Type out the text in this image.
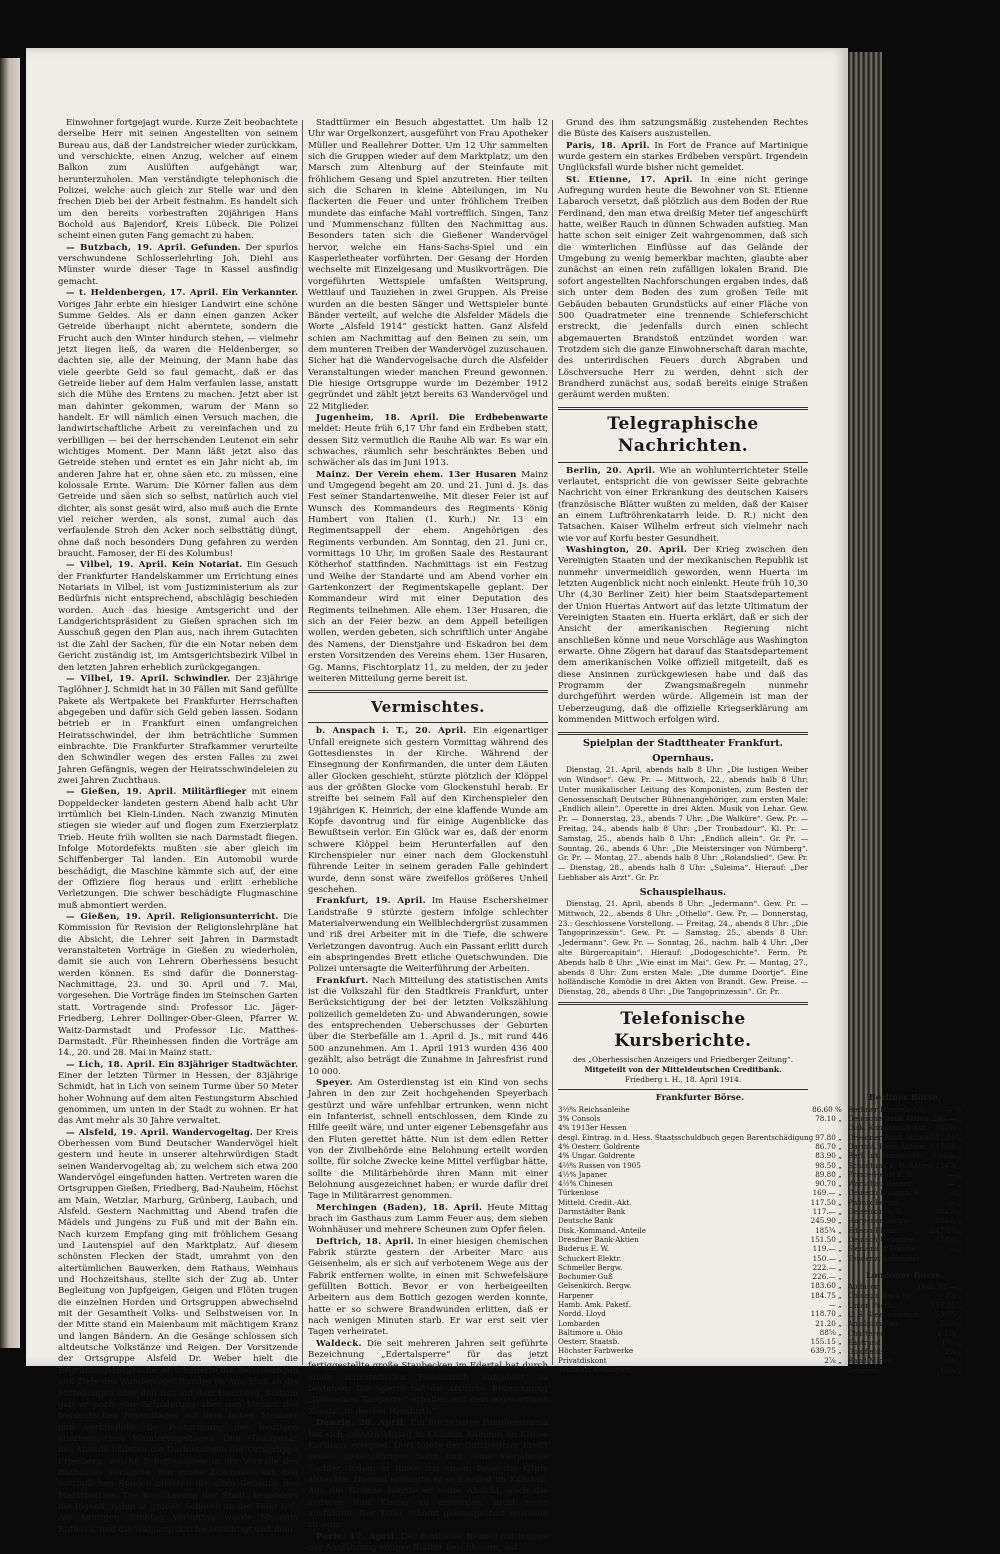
Einwohner fortgejagt wurde. Kurze Zeit beobachtete derselbe Herr mit seinen Angestellten von seinem Bureau aus, daß der Landstreicher wieder zurückkam, und verschickte, einen Anzug, welcher auf einem Balkon zum Auslüften aufgehängt war, herunterzuholen. Man verständigte telephonisch die Polizei, welche auch gleich zur Stelle war und den frechen Dieb bei der Arbeit festnahm. Es handelt sich um den bereits vorbestraften 20jährigen Hans Bochold aus Bajendorf, Kreis Lübeck. Die Polizei scheint einen guten Fang gemacht zu haben.

— Butzbach, 19. April. Gefunden. Der spurlos verschwundene Schlosserlehrling Joh. Diehl aus Münster wurde dieser Tage in Kassel ausfindig gemacht.

— t. Heldenbergen, 17. April. Ein Verkannter. Voriges Jahr erbte ein hiesiger Landwirt eine schöne Summe Geldes. Als er dann einen ganzen Acker Getreide überhaupt nicht aberntete, sondern die Frucht auch den Winter hindurch stehen, — vielmehr jetzt liegen ließ, da waren die Heldenberger, so dachten sie, alle der Meinung, der Mann habe das viele geerbte Geld so faul gemacht, daß er das Getreide lieber auf dem Halm verfaulen lasse, anstatt sich die Mühe des Erntens zu machen. Jetzt aber ist man dahinter gekommen, warum der Mann so handelt. Er will nämlich einen Versuch machen, die landwirtschaftliche Arbeit zu vereinfachen und zu verbilligen — bei der herrschenden Leutenot ein sehr wichtiges Moment. Der Mann läßt jetzt also das Getreide stehen und erntet es ein Jahr nicht ab, im anderen Jahre hat er, ohne säen etc. zu müssen, eine kolossale Ernte. Warum: Die Körner fallen aus dem Getreide und säen sich so selbst, natürlich auch viel dichter, als sonst gesät wird, also muß auch die Ernte viel reicher werden, als sonst, zumal auch das verfaulende Stroh den Acker noch selbsttätig düngt, ohne daß noch besonders Dung gefahren zu werden braucht. Famoser, der Ei des Kolumbus!

— Vilbel, 19. April. Kein Notariat. Ein Gesuch der Frankfurter Handelskammer um Errichtung eines Notariats in Vilbel, ist vom Justizministerium als zur Bedürfnis nicht entsprechend, abschlägig beschieden worden. Auch das hiesige Amtsgericht und der Landgerichtspräsident zu Gießen sprachen sich im Ausschuß gegen den Plan aus, nach ihrem Gutachten ist die Zahl der Sachen, für die ein Notar neben dem Gericht zuständig ist, im Amtsgerichtsbezirk Vilbel in den letzten Jahren erheblich zurückgegangen.

— Vilbel, 19. April. Schwindler. Der 23jährige Taglöhner J. Schmidt hat in 30 Fällen mit Sand gefüllte Pakete als Wertpakete bei Frankfurter Herrschaften abgegeben und dafür sich Geld geben lassen. Sodann betrieb er in Frankfurt einen umfangreichen Heiratsschwindel, der ihm beträchtliche Summen einbrachte. Die Frankfurter Strafkammer verurteilte den Schwindler wegen des ersten Falles zu zwei Jahren Gefängnis, wegen der Heiratsschwindeleien zu zwei Jahren Zuchthaus.

— Gießen, 19. April. Militärflieger mit einem Doppeldecker landeten gestern Abend halb acht Uhr irrtümlich bei Klein-Linden. Nach zwanzig Minuten stiegen sie wieder auf und flogen zum Exerzierplatz Trieb. Heute früh wollten sie nach Darmstadt fliegen. Infolge Motordefekts mußten sie aber gleich im Schiffenberger Tal landen. Ein Automobil wurde beschädigt, die Maschine kämmte sich auf, der eine der Offiziere flog heraus und erlitt erhebliche Verletzungen. Die schwer beschädigte Flugmaschine muß abmontiert werden.

— Gießen, 19. April. Religionsunterricht. Die Kommission für Revision der Religionslehrpläne hat die Absicht, die Lehrer seit Jahren in Darmstadt veranstalteten Vorträge in Gießen zu wiederholen, damit sie auch von Lehrern Oberhessens besucht werden können. Es sind dafür die Donnerstag-Nachmittage, 23. und 30. April und 7. Mai, vorgesehen. Die Vorträge finden im Steinschen Garten statt. Vortragende sind: Professor Lic. Jäger-Friedberg, Lehrer Dollinger-Ober-Gleen, Pfarrer W. Waitz-Darmstadt und Professor Lic. Matthes-Darmstadt. Für Rheinhessen finden die Vorträge am 14., 20. und 28. Mai in Mainz statt.

— Lich, 18. April. Ein 83jähriger Stadtwächter. Einer der letzten Türmer in Hessen, der 83jährige Schmidt, hat in Lich von seinem Turme über 50 Meter hoher Wohnung auf dem alten Festungsturm Abschied genommen, um unten in der Stadt zu wohnen. Er hat das Amt mehr als 30 Jahre verwaltet.

— Alsfeld, 19. April. Wandervogeltag. Der Kreis Oberhessen vom Bund Deutscher Wandervögel hielt gestern und heute in unserer altehrwürdigen Stadt seinen Wandervogeltag ab, zu welchem sich etwa 200 Wandervögel eingefunden hatten. Vertreten waren die Ortsgruppen Gießen, Friedberg, Bad-Nauheim, Höchst am Main, Wetzlar, Marburg, Grünberg, Laubach, und Alsfeld. Gestern Nachmittag und Abend trafen die Mädels und Jungens zu Fuß und mit der Bahn ein. Nach kurzem Empfang ging mit fröhlichem Gesang und Lautenspiel auf den Marktplatz. Auf diesem schönsten Flecken der Stadt, umrahmt von den altertümlichen Bauwerken, dem Rathaus, Weinhaus und Hochzeitshaus, stellte sich der Zug ab. Unter Begleitung von Jupfgeigen, Geigen und Flöten trugen die einzelnen Horden und Ortsgruppen abwechselnd mit der Gesamtheit Volks- und Selbstweisen vor. In der Mitte stand ein Maienbaum mit mächtigem Kranz und langen Bändern. An die Gesänge schlossen sich altdeutsche Volkstänze und Reigen. Der Vorsitzende der Ortsgruppe Alsfeld Dr. Weber hielt die Begrüßungsansprache; er schilderte die Bestrebungen und Ziele des Wandervogel-Bundes im Anschluß an die Mitteilungen über den Bau auf dem Herzberg. Sodann gab er noch eine Schilderung über den Verlauf des freideutschen Jugendtages auf dem hohen Meißner und verkündete die Festordnung des heutigen oberhessischen Wandervogeltages. Den Glanzpunkt des Abends bildeten die Darbietungen der Ortsgruppe Friedberg, welche Schattenspiele in der Vorhalle des Rathauses vorführte. Ein große Zuschauer sah den vorzüglichen Spielen bildeten die alten Gebäude des Marktplatzes. Die Bevölkerung der Stadt, besonders die Jugend, nahm in großen Scharen an der Feier teil. Am heutigen Sonntag Vormittag wurde Museum Rathaus, und die Walpurgiskirche besichtigt und dem

Stadttürmer ein Besuch abgestattet. Um halb 12 Uhr war Orgelkonzert, ausgeführt von Frau Apotheker Müller und Reallehrer Dotter. Um 12 Uhr sammelten sich die Gruppen wieder auf dem Marktplatz, um den Marsch zum Altenburg auf der Steinfaute mit fröhlichem Gesang und Spiel anzutreten. Hier teilten sich die Scharen in kleine Abteilungen, im Nu flackerten die Feuer und unter fröhlichem Treiben mundete das einfache Mahl vortrefflich. Singen, Tanz und Mummenschanz füllten den Nachmittag aus. Besonders taten sich die Gießener Wandervögel hervor, welche ein Hans-Sachs-Spiel und ein Kasperletheater vorführten. Der Gesang der Horden wechselte mit Einzelgesang und Musikvorträgen. Die vorgeführten Wettspiele umfaßten Weitsprung, Wettlauf und Tauziehen in zwei Gruppen. Als Preise wurden an die besten Sänger und Wettspieler bunte Bänder verteilt, auf welche die Alsfelder Mädels die Worte „Alsfeld 1914“ gestickt hatten. Ganz Alsfeld schien am Nachmittag auf den Beinen zu sein, um dem munteren Treiben der Wandervögel zuzuschauen. Sicher hat die Wandervogelsache durch die Alsfelder Veranstaltungen wieder manchen Freund gewonnen. Die hiesige Ortsgruppe wurde im Dezember 1912 gegründet und zählt jetzt bereits 63 Wandervögel und 22 Mitglieder.

Jugenheim, 18. April. Die Erdbebenwarte meldet: Heute früh 6,17 Uhr fand ein Erdbeben statt, dessen Sitz vermutlich die Rauhe Alb war. Es war ein schwaches, räumlich sehr beschränktes Beben und schwächer als das im Juni 1913.

Mainz. Der Verein ehem. 13er Husaren Mainz und Umgegend begeht am 20. und 21. Juni d. Js. das Fest seiner Standartenweihe. Mit dieser Feier ist auf Wunsch des Kommandeurs des Regiments König Humbert von Italien (1. Kurh.) Nr. 13 ein Regimentsappell der ehem. Angehörigen des Regiments verbunden. Am Sonntag, den 21. Juni cr., vormittags 10 Uhr, im großen Saale des Restaurant Kötherhof stattfinden. Nachmittags ist ein Festzug und Weihe der Standarte und am Abend vorher ein Gartenkonzert der Regimentskapelle geplant. Der Kommandeur wird mit einer Deputation des Regiments teilnehmen. Alle ehem. 13er Husaren, die sich an der Feier bezw. an dem Appell beteiligen wollen, werden gebeten, sich schriftlich unter Angabe des Namens, der Dienstjahre und Eskadron bei dem ersten Vorsitzenden des Vereins ehem. 13er Husaren, Gg. Manns, Fischtorplatz 11, zu melden, der zu jeder weiteren Mitteilung gerne bereit ist.

Vermischtes.

b. Anspach i. T., 20. April. Ein eigenartiger Unfall ereignete sich gestern Vormittag während des Gottesdienstes in der Kirche. Während der Einsegnung der Konfirmanden, die unter dem Läuten aller Glocken geschieht, stürzte plötzlich der Klöppel aus der größten Glocke vom Glockenstuhl herab. Er streifte bei seinem Fall auf den Kirchenspieler den 19jährigen K. Heinrich, der eine klaffende Wunde am Kopfe davontrug und für einige Augenblicke das Bewußtsein verlor. Ein Glück war es, daß der enorm schwere Klöppel beim Herunterfallen auf den Kirchenspieler nur einer nach dem Glockenstuhl führende Leiter in seinem geraden Falle gehindert wurde, denn sonst wäre zweifellos größeres Unheil geschehen.

Frankfurt, 19. April. Im Hause Eschersheimer Landstraße 9 stürzte gestern infolge schlechter Materialverwendung ein Wellblechdergrüst zusammen und riß drei Arbeiter mit in die Tiefe, die schwere Verletzungen davontrug. Auch ein Passant erlitt durch ein abspringendes Brett etliche Quetschwunden. Die Polizei untersagte die Weiterführung der Arbeiten.

Frankfurt. Nach Mitteilung des statistischen Amts ist die Volkszahl für den Stadtkreis Frankfurt, unter Berücksichtigung der bei der letzten Volkszählung polizeilich gemeldeten Zu- und Abwanderungen, sowie des entsprechenden Ueberschusses der Geburten über die Sterbefälle am 1. April d. Js., mit rund 446 500 anzunehmen. Am 1. April 1913 wurden 436 400 gezählt, also beträgt die Zunahme in Jahresfrist rund 10 000.

Speyer. Am Osterdienstag ist ein Kind von sechs Jahren in den zur Zeit hochgehenden Speyerbach gestürzt und wäre unfehlbar ertrunken, wenn nicht ein Infanterist, schnell entschlossen, dem Kinde zu Hilfe geeilt wäre, und unter eigener Lebensgefahr aus den Fluten gerettet hätte. Nun ist dem edlen Retter von der Zivilbehörde eine Belohnung erteilt worden sollte, für solche Zwecke keine Mittel verfügbar hätte, sollte die Militärbehörde ihren Mann mit einer Belohnung ausgezeichnet haben; er wurde dafür drei Tage in Militärarrest genommen.

Merchingen (Baden), 18. April. Heute Mittag brach im Gasthaus zum Lamm Feuer aus, dem sieben Wohnhäuser und mehrere Scheunen zum Opfer fielen.

Deftrich, 18. April. In einer hiesigen chemischen Fabrik stürzte gestern der Arbeiter Marc aus Geisenheim, als er sich auf verbotenem Wege aus der Fabrik entfernen wollte, in einen mit Schwefelsäure gefüllten Bottich. Bevor er von herbeigeeilten Arbeitern aus dem Bottich gezogen werden konnte, hatte er so schwere Brandwunden erlitten, daß er nach wenigen Minuten starb. Er war erst seit vier Tagen verheiratet.

Waldeck. Die seit mehreren Jahren seit geführte Bezeichnung „Edertalsperre“ für das jetzt fertiggestellte große Staubecken im Edertal hat durch einen ministeriellen Federstrich aufgehört zu bestehen. Die Sperre hat die amtliche Bezeichnung „Waldecker Talsperre“ erhalten mit dem eigenartigen Zusatz „in der bei Hemfurth“.

Danzig, 20. April. Ein furchtbares Familiendrama hat sich gestern Mittag in Kammin Kammin im Kreise Karthaus ereignet. Dort tötete der Gutsbesitzer Krefft seinen siebenjährigen Sohn und seine vierjährige Tochter, indem er ihnen mit einem Beile die Köpfe abhackte. Hierauf erhängte er sich selbst im Kuhstall. Aus die Gründe konnte er seine Absicht, auch die anderen fünf Kinder zu ermorden, nicht mehr ausführen. Der Täter scheint geistesgestört gewesen zu sein.

Paris, 17. April. Der Bildhauer Bezner hat infolge der Ausführung einiger Blätter beschlossen, auf

Grund des ihm satzungsmäßig zustehenden Rechtes die Büste des Kaisers auszustellen.

Paris, 18. April. In Fort de France auf Martinique wurde gestern ein starkes Erdbeben verspürt. Irgendein Unglücksfall wurde bisher nicht gemeldet.

St. Etienne, 17. April. In eine nicht geringe Aufregung wurden heute die Bewohner von St. Etienne Labaroch versetzt, daß plötzlich aus dem Boden der Rue Ferdinand, den man etwa dreißig Meter tief angeschürft hatte, weißer Rauch in dünnen Schwaden aufstieg. Man hatte schon seit einiger Zeit wahrgenommen, daß sich die winterlichen Einflüsse auf das Gelände der Umgebung zu wenig bemerkbar machten, glaubte aber zunächst an einen rein zufälligen lokalen Brand. Die sofort angestellten Nachforschungen ergaben indes, daß sich unter dem Boden des zum großen Teile mit Gebäuden bebauten Grundstücks auf einer Fläche von 500 Quadratmeter eine trennende Schieferschicht erstreckt, die jedenfalls durch einen schlecht abgemauerten Brandstoß entzündet worden war. Trotzdem sich die ganze Einwohnerschaft daran machte, des unterirdischen Feuers durch Abgraben und Löschversuche Herr zu werden, dehnt sich der Brandherd zunächst aus, sodaß bereits einige Straßen geräumt werden mußten.

Telegraphische Nachrichten.

Berlin, 20. April. Wie an wohlunterrichteter Stelle verlautet, entspricht die von gewisser Seite gebrachte Nachricht von einer Erkrankung des deutschen Kaisers (französische Blätter wußten zu melden, daß der Kaiser an einem Luftröhrenkatarrh leide. D. R.) nicht den Tatsachen. Kaiser Wilhelm erfreut sich vielmehr nach wie vor auf Korfu bester Gesundheit.

Washington, 20. April. Der Krieg zwischen den Vereinigten Staaten und der mexikanischen Republik ist nunmehr unvermeidlich geworden, wenn Huerta im letzten Augenblick nicht noch einlenkt. Heute früh 10,30 Uhr (4,30 Berliner Zeit) hier beim Staatsdepartement der Union Huertas Antwort auf das letzte Ultimatum der Vereinigten Staaten ein. Huerta erklärt, daß er sich der Ansicht der amerikanischen Regierung nicht anschließen könne und neue Vorschläge aus Washington erwarte. Ohne Zögern hat darauf das Staatsdepartement dem amerikanischen Volke offiziell mitgeteilt, daß es diese Ansinnen zurückgewiesen habe und daß das Programm der Zwangsmaßregeln nunmehr durchgeführt werden würde. Allgemein ist man der Ueberzeugung, daß die offizielle Kriegserklärung am kommenden Mittwoch erfolgen wird.

Spielplan der Stadttheater Frankfurt.
Opernhaus.

Dienstag, 21. April, abends halb 8 Uhr: „Die lustigen Weiber von Windsor“. Gew. Pr. — Mittwoch, 22., abends halb 8 Uhr: Unter musikalischer Leitung des Komponisten, zum Besten der Genossenschaft Deutscher Bühnenangehöriger, zum ersten Male: „Endlich allein“. Operette in drei Akten. Musik von Lehar. Gew. Pr. — Donnerstag, 23., abends 7 Uhr: „Die Walküre“. Gew. Pr. — Freitag, 24., abends halb 8 Uhr: „Der Troubadour“. Kl. Pr. — Samstag, 25., abends halb 8 Uhr: „Endlich allein“. Gr. Pr. — Sonntag, 26., abends 6 Uhr: „Die Meistersinger von Nürnberg“. Gr. Pr. — Montag, 27., abends halb 8 Uhr: „Rolandslied“. Gew. Pr. — Dienstag, 28., abends halb 8 Uhr: „Suleima“. Hierauf: „Der Liebhaber als Arzt“. Gr. Pr.

Schauspielhaus.

Dienstag, 21. April, abends 8 Uhr: „Jedermann“. Gew. Pr. — Mittwoch, 22., abends 8 Uhr: „Othello“. Gew. Pr. — Donnerstag, 23.: Geschlossene Vorstellung. — Freitag, 24., abends 8 Uhr: „Die Tangoprinzessin“. Gew. Pr. — Samstag, 25., abends 8 Uhr: „Jedermann“. Gew. Pr. — Sonntag, 26., nachm. halb 4 Uhr: „Der alte Bürgercapitain“. Hierauf: „Dodogeschichte“. Ferm. Pr. Abends halb 8 Uhr: „Wie einst im Mai“. Gew. Pr. — Montag, 27., abends 8 Uhr: Zum ersten Male: „Die dumme Doortje“. Eine holländische Komödie in drei Akten von Brandt. Gew. Preise. — Dienstag, 28., abends 8 Uhr: „Die Tangoprinzessin“. Gr. Pr.

Telefonische Kursberichte.
des „Oberhessischen Anzeigers und Friedberger Zeitung“.
Mitgeteilt von der Mitteldeutschen Creditbank.
Friedberg i. H., 18. April 1914.
Frankfurter Börse.
3½% Reichsanleihe	86.60 %
3% Consols	78.10 „
4% 1913er Hessen
desgl. Eintrag. in d. Hess. Staatsschuldbuch gegen Barentschädigung 97.80 „
4% Oesterr. Goldrente	86.70 „
4% Ungar. Goldrente	83.90 „
4½% Russen von 1905	98.50 „
4½% Japaner	89.80 „
4½% Chinesen	90.70 „
Türkenlose	169.— „
Mitteld. Credit.-Akt.	117.50 „
Darmstädter Bank	117.— „
Deutsche Bank	245.90 „
Disk.-Kommand.-Anteile	185¾ „
Dresdner Bank-Aktien	151.50 „
Buderus E. W.	119.— „
Schuckert Elektr.	150.— „
Schmeller Bergw.	222.— „
Bochumer Guß	226.— „
Gelsenkirch. Bergw.	183.60 „
Harpener	184.75 „
Hamb. Amk. Paketf.	— „
Nordd. Lloyd	118.70 „
Lombarden	21.20 „
Baltimore u. Ohio	88⅝ „
Oesterr. Staatsb.	155.15 „
Höchster Farbwerke	639.75 „
Privatdiskont	2⅞ „
Tendenz: behauptet.
Berliner Börse.
Berliner Handels-Ant.	— %
Deutsche Bank Aktien 246.— „
Disk. Kommandit-Ant. 185⅝ „
Dresdner Bank Aktien 151.50 „
Darmst. Bank Aktien 117.50 „
Berl. Int. Handelsbk. 190.— „
Schantung E. B. Aktien 134⅞ „
Prince-Henri E. B.	— „
Warschau-Wiener	— „
Deutsch-Luxemb. B.	— „
Phönix Bergw.	— „
Gelsenkirch. B.	184⅞ „
Harpener Bergw.	184⅛ „
Edison Elektr.	247.25 „
Deutsch-Ueberfee	178½ „
Siemens u. Halske	— „
Tendenz: behauptet.
Londoner Börse.
Atchison	Doll. 98.— „
Chicago, Rock Isl.	3⅞ „
Union Pacific	157.75 „
U. S. Steel common 59.75 „
Amalgamated	75⅝ „
Chartered	£ 1⅞ „
Eastrand	1⁹⁄₁₆ „
Goldfields	2⅜ „
Rand Mines	6⅝ „
Debeers	18¾ „
